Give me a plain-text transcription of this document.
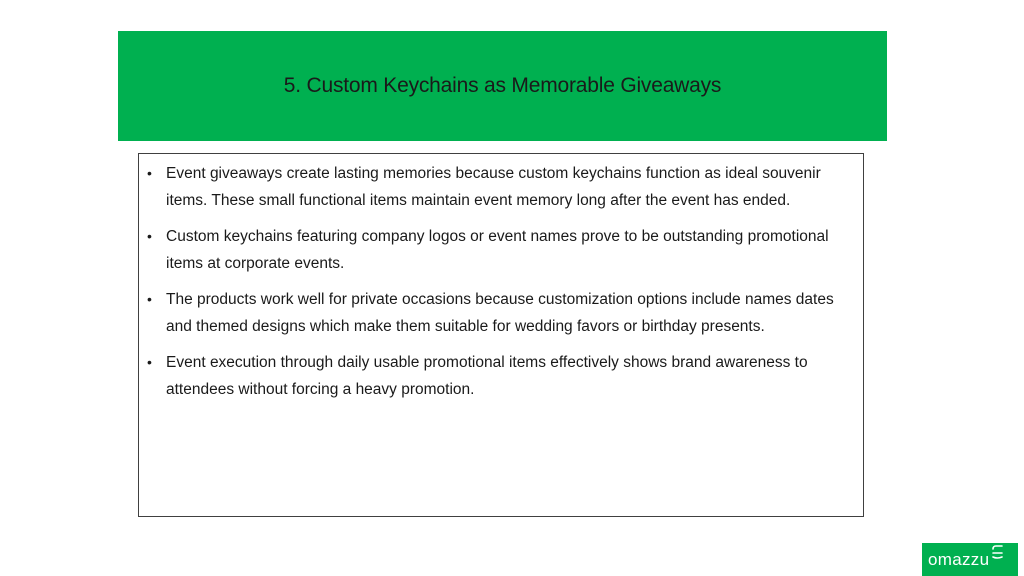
5. Custom Keychains as Memorable Giveaways
• Event giveaways create lasting memories because custom keychains function as ideal souvenir items. These small functional items maintain event memory long after the event has ended.
• Custom keychains featuring company logos or event names prove to be outstanding promotional items at corporate events.
• The products work well for private occasions because customization options include names dates and themed designs which make them suitable for wedding favors or birthday presents.
• Event execution through daily usable promotional items effectively shows brand awareness to attendees without forcing a heavy promotion.
omazzu
